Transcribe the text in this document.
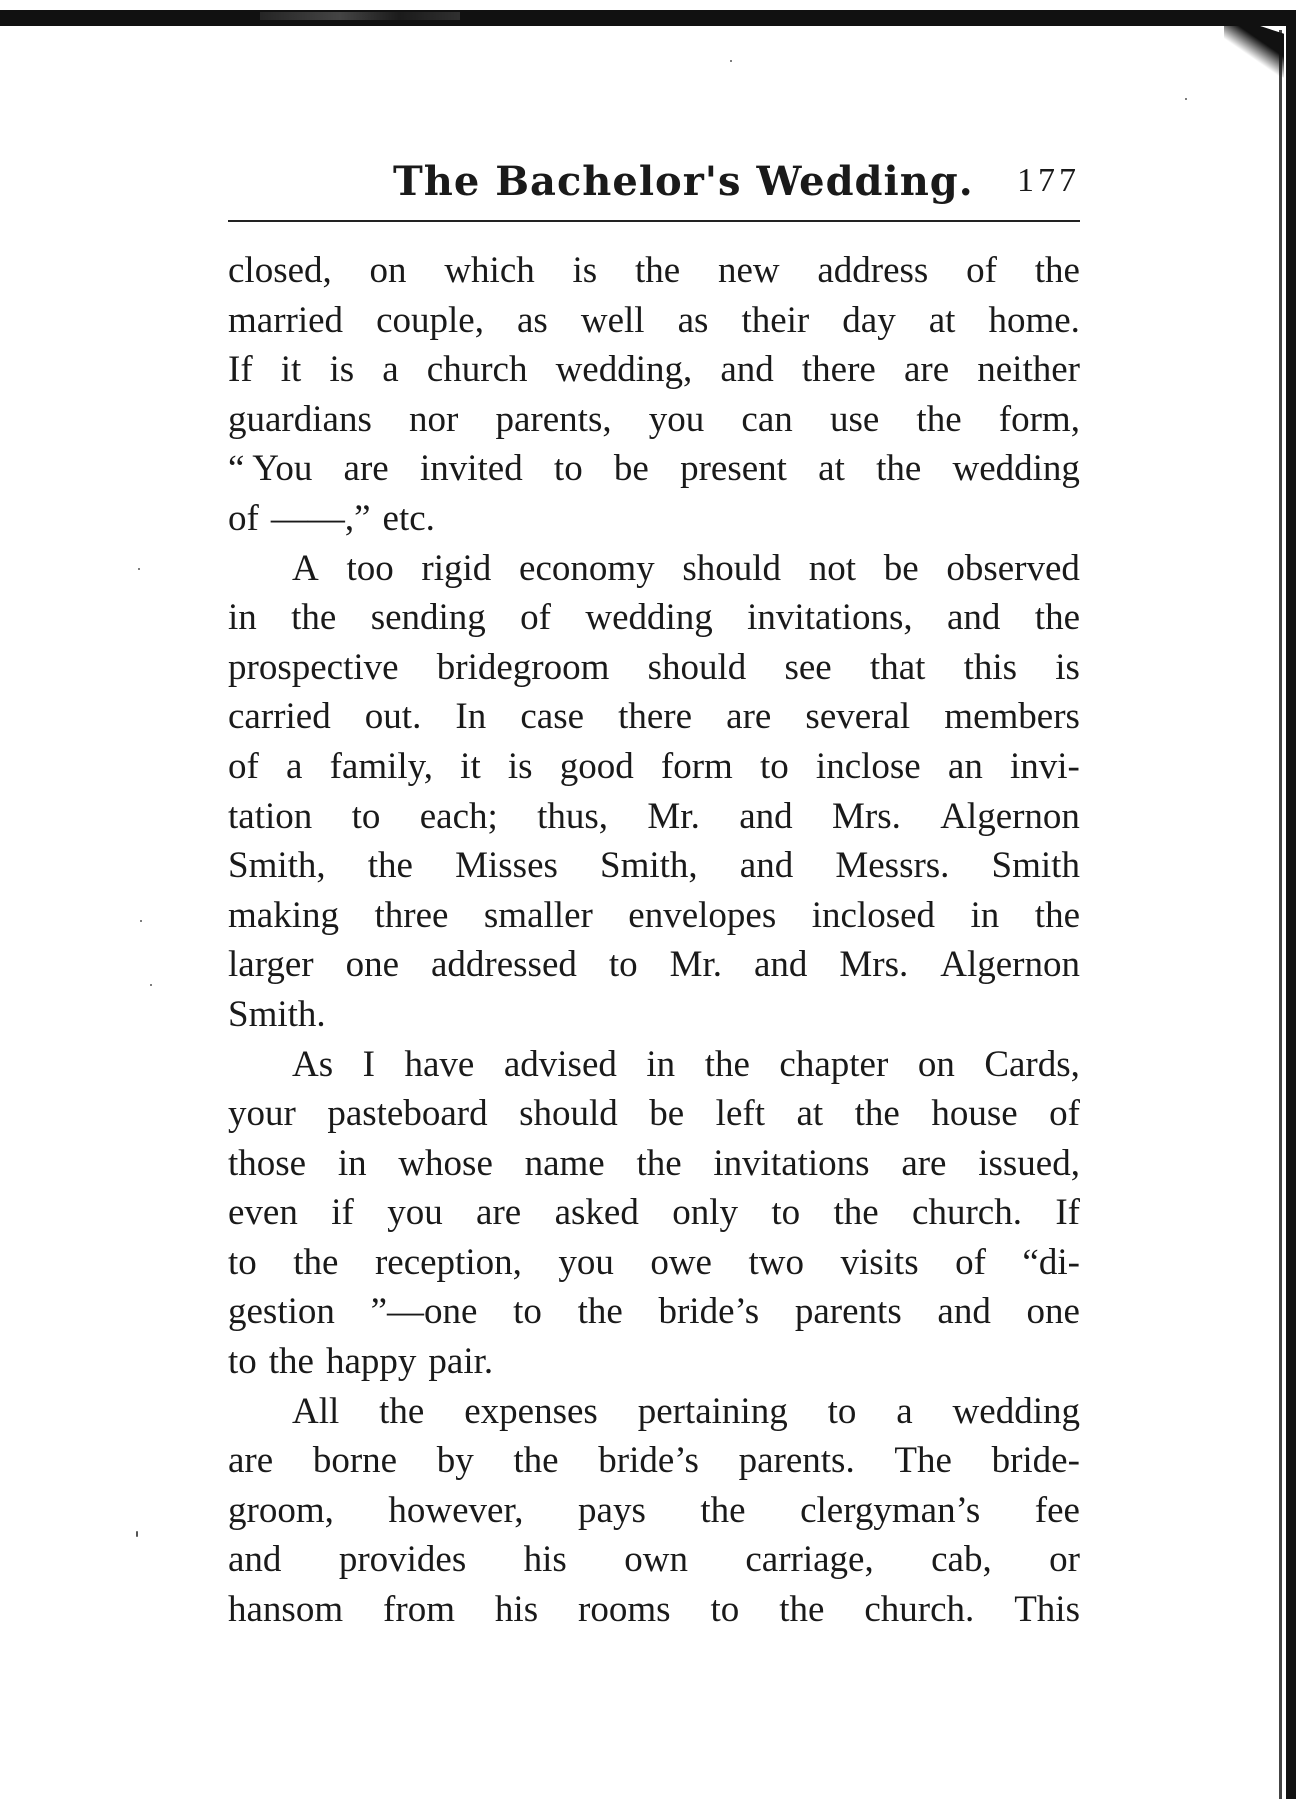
The Bachelor's Wedding. 177
closed, on which is the new address of the
married couple, as well as their day at home.
If it is a church wedding, and there are neither
guardians nor parents, you can use the form,
“ You are invited to be present at the wedding
of ——,” etc.
A too rigid economy should not be observed
in the sending of wedding invitations, and the
prospective bridegroom should see that this is
carried out. In case there are several members
of a family, it is good form to inclose an invi-
tation to each; thus, Mr. and Mrs. Algernon
Smith, the Misses Smith, and Messrs. Smith
making three smaller envelopes inclosed in the
larger one addressed to Mr. and Mrs. Algernon
Smith.
As I have advised in the chapter on Cards,
your pasteboard should be left at the house of
those in whose name the invitations are issued,
even if you are asked only to the church. If
to the reception, you owe two visits of “di-
gestion ”—one to the bride’s parents and one
to the happy pair.
All the expenses pertaining to a wedding
are borne by the bride’s parents. The bride-
groom, however, pays the clergyman’s fee
and provides his own carriage, cab, or
hansom from his rooms to the church. This
